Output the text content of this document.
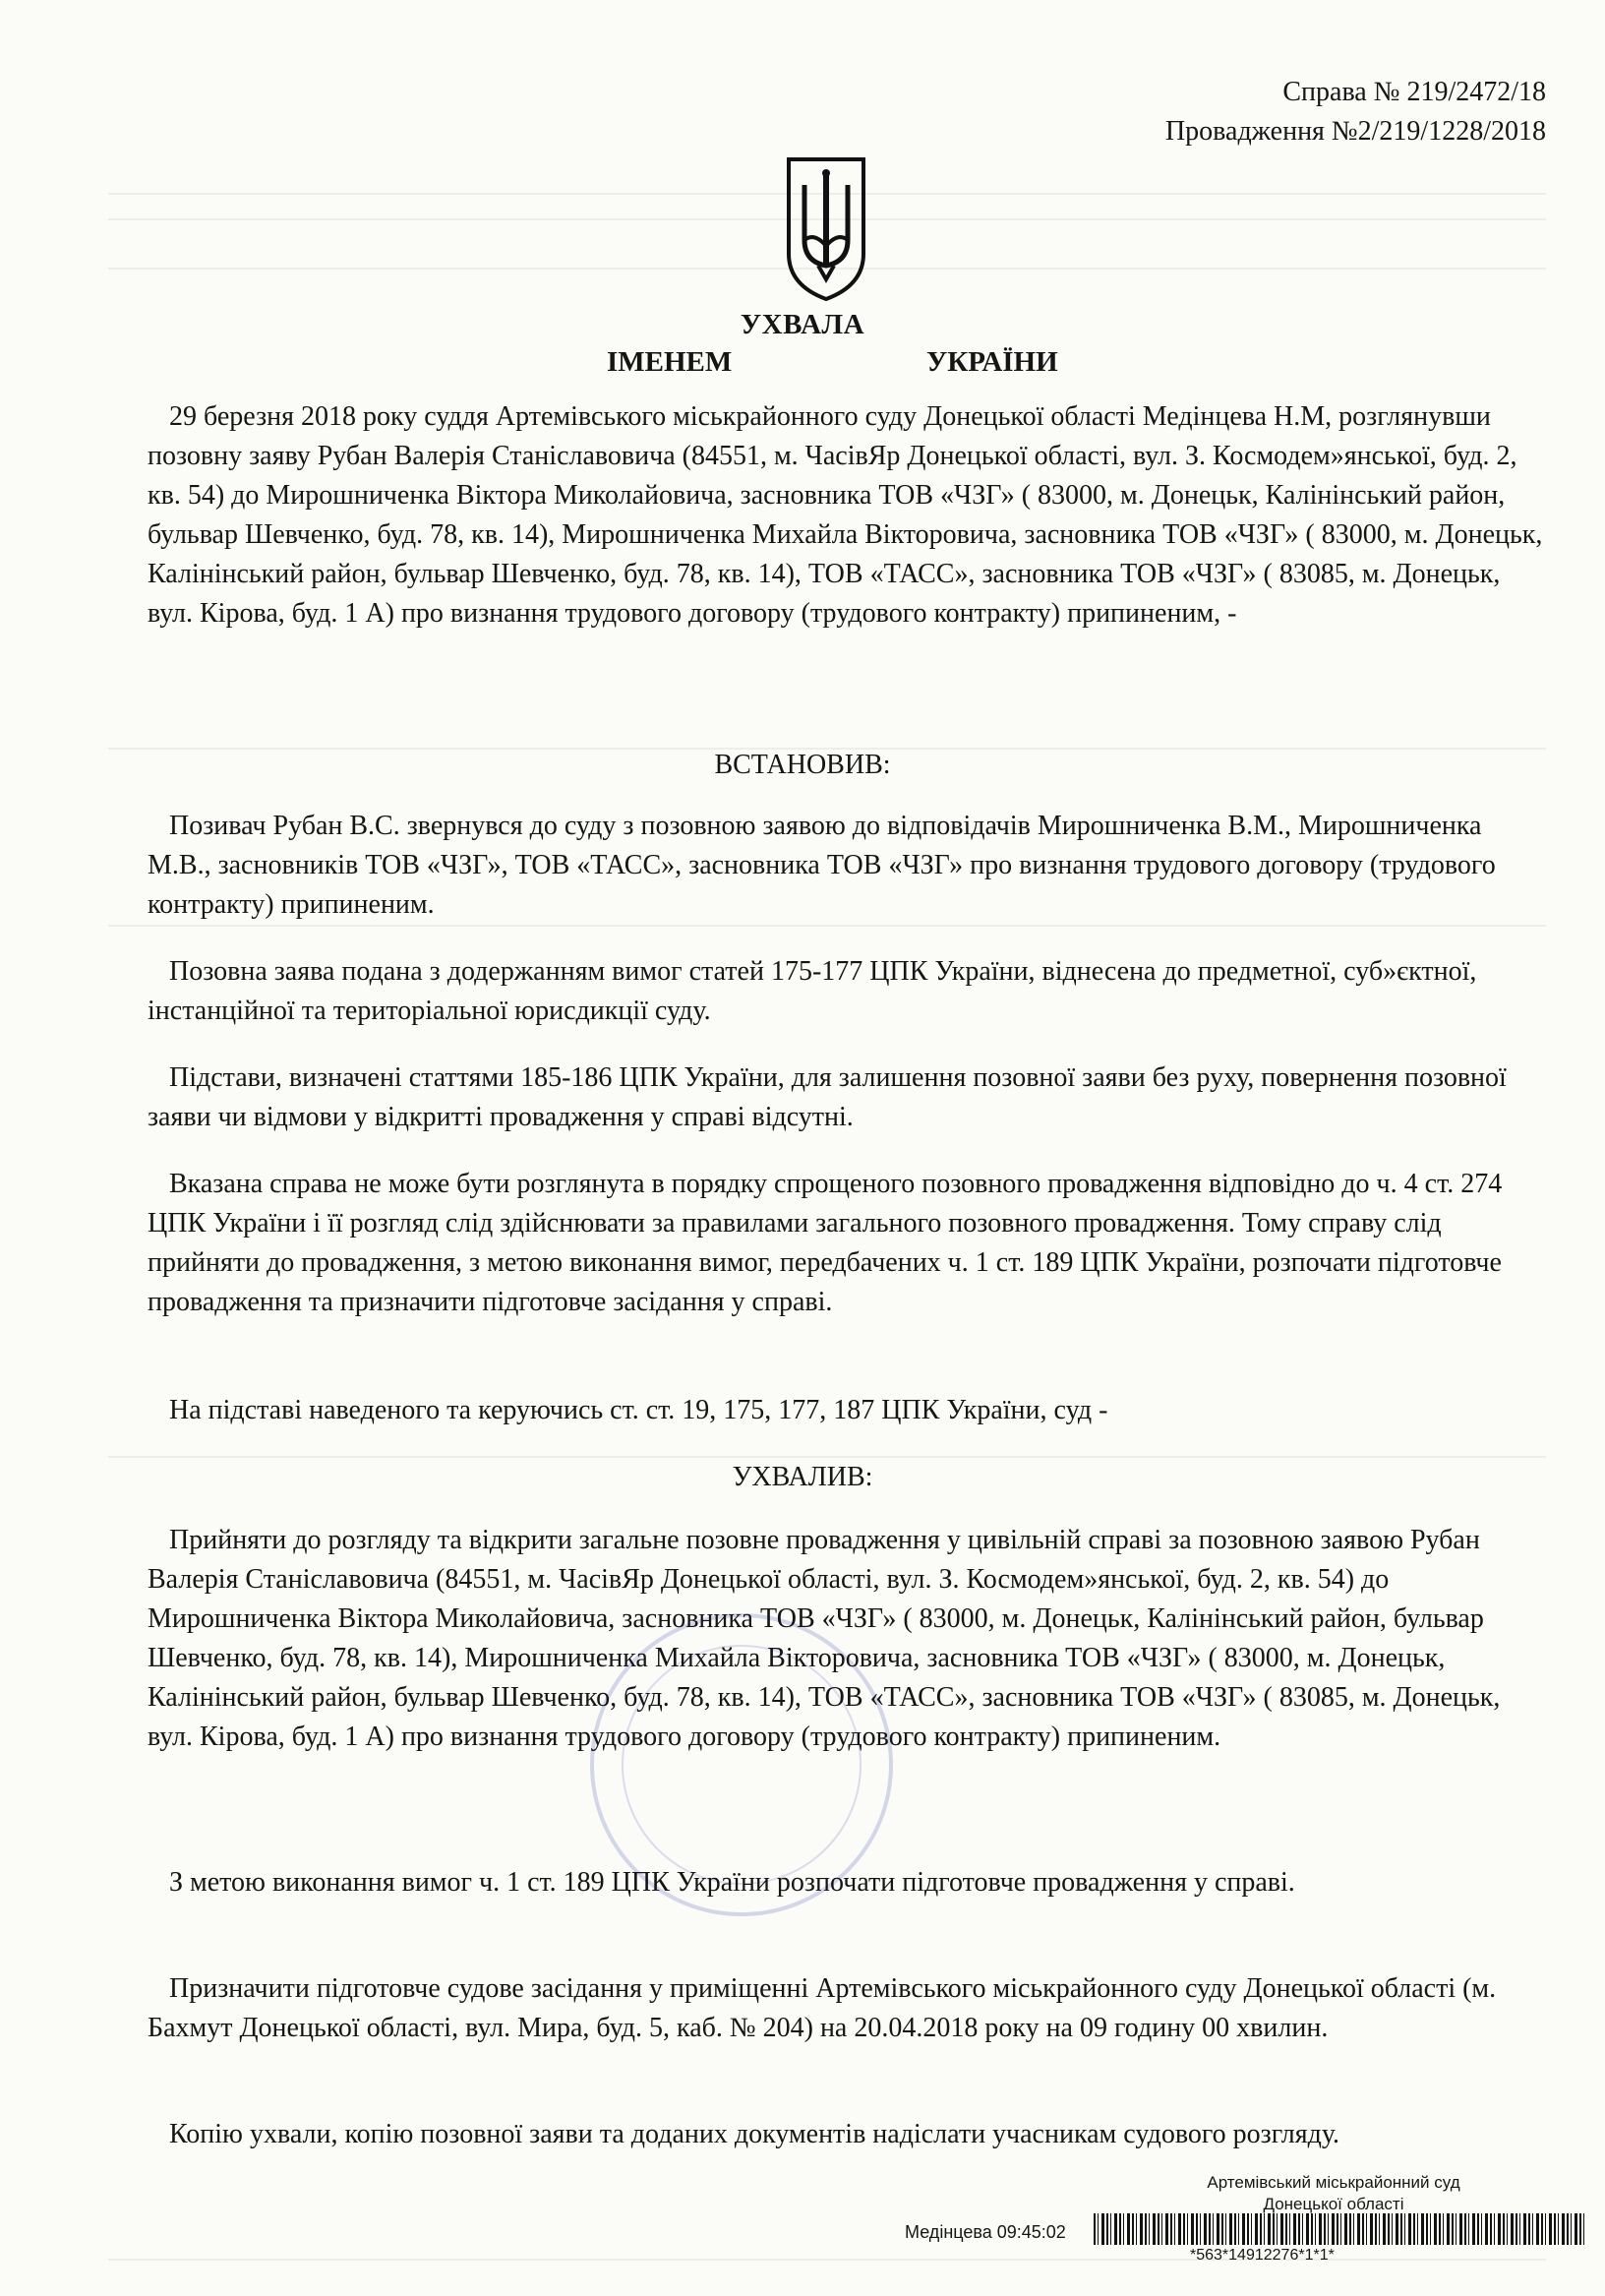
Справа № 219/2472/18
Провадження №2/219/1228/2018
УХВАЛА
ІМЕНЕМ	УКРАЇНИ

29 березня 2018 року суддя Артемівського міськрайонного суду Донецької області Медінцева Н.М, розглянувши позовну заяву Рубан Валерія Станіславовича (84551, м. ЧасівЯр Донецької області, вул. З. Космодем»янської, буд. 2, кв. 54) до Мирошниченка Віктора Миколайовича, засновника ТОВ «ЧЗГ» ( 83000, м. Донецьк, Калінінський район, бульвар Шевченко, буд. 78, кв. 14), Мирошниченка Михайла Вікторовича, засновника ТОВ «ЧЗГ» ( 83000, м. Донецьк, Калінінський район, бульвар Шевченко, буд. 78, кв. 14), ТОВ «ТАСС», засновника ТОВ «ЧЗГ» ( 83085, м. Донецьк, вул. Кірова, буд. 1 А) про визнання трудового договору (трудового контракту) припиненим, -

ВСТАНОВИВ:

Позивач Рубан В.С. звернувся до суду з позовною заявою до відповідачів Мирошниченка В.М., Мирошниченка М.В., засновників ТОВ «ЧЗГ», ТОВ «ТАСС», засновника ТОВ «ЧЗГ» про визнання трудового договору (трудового контракту) припиненим.

Позовна заява подана з додержанням вимог статей 175-177 ЦПК України, віднесена до предметної, суб»єктної, інстанційної та територіальної юрисдикції суду.

Підстави, визначені статтями 185-186 ЦПК України, для залишення позовної заяви без руху, повернення позовної заяви чи відмови у відкритті провадження у справі відсутні.

Вказана справа не може бути розглянута в порядку спрощеного позовного провадження відповідно до ч. 4 ст. 274 ЦПК України і її розгляд слід здійснювати за правилами загального позовного провадження. Тому справу слід прийняти до провадження, з метою виконання вимог, передбачених ч. 1 ст. 189 ЦПК України, розпочати підготовче провадження та призначити підготовче засідання у справі.

На підставі наведеного та керуючись ст. ст. 19, 175, 177, 187 ЦПК України, суд -

УХВАЛИВ:

Прийняти до розгляду та відкрити загальне позовне провадження у цивільній справі за позовною заявою Рубан Валерія Станіславовича (84551, м. ЧасівЯр Донецької області, вул. З. Космодем»янської, буд. 2, кв. 54) до Мирошниченка Віктора Миколайовича, засновника ТОВ «ЧЗГ» ( 83000, м. Донецьк, Калінінський район, бульвар Шевченко, буд. 78, кв. 14), Мирошниченка Михайла Вікторовича, засновника ТОВ «ЧЗГ» ( 83000, м. Донецьк, Калінінський район, бульвар Шевченко, буд. 78, кв. 14), ТОВ «ТАСС», засновника ТОВ «ЧЗГ» ( 83085, м. Донецьк, вул. Кірова, буд. 1 А) про визнання трудового договору (трудового контракту) припиненим.

З метою виконання вимог ч. 1 ст. 189 ЦПК України розпочати підготовче провадження у справі.

Призначити підготовче судове засідання у приміщенні Артемівського міськрайонного суду Донецької області (м. Бахмут Донецької області, вул. Мира, буд. 5, каб. № 204) на 20.04.2018 року на 09 годину 00 хвилин.

Копію ухвали, копію позовної заяви та доданих документів надіслати учасникам судового розгляду.

Артемівський міськрайонний суд
Донецької області
Медінцева 09:45:02
*563*14912276*1*1*
